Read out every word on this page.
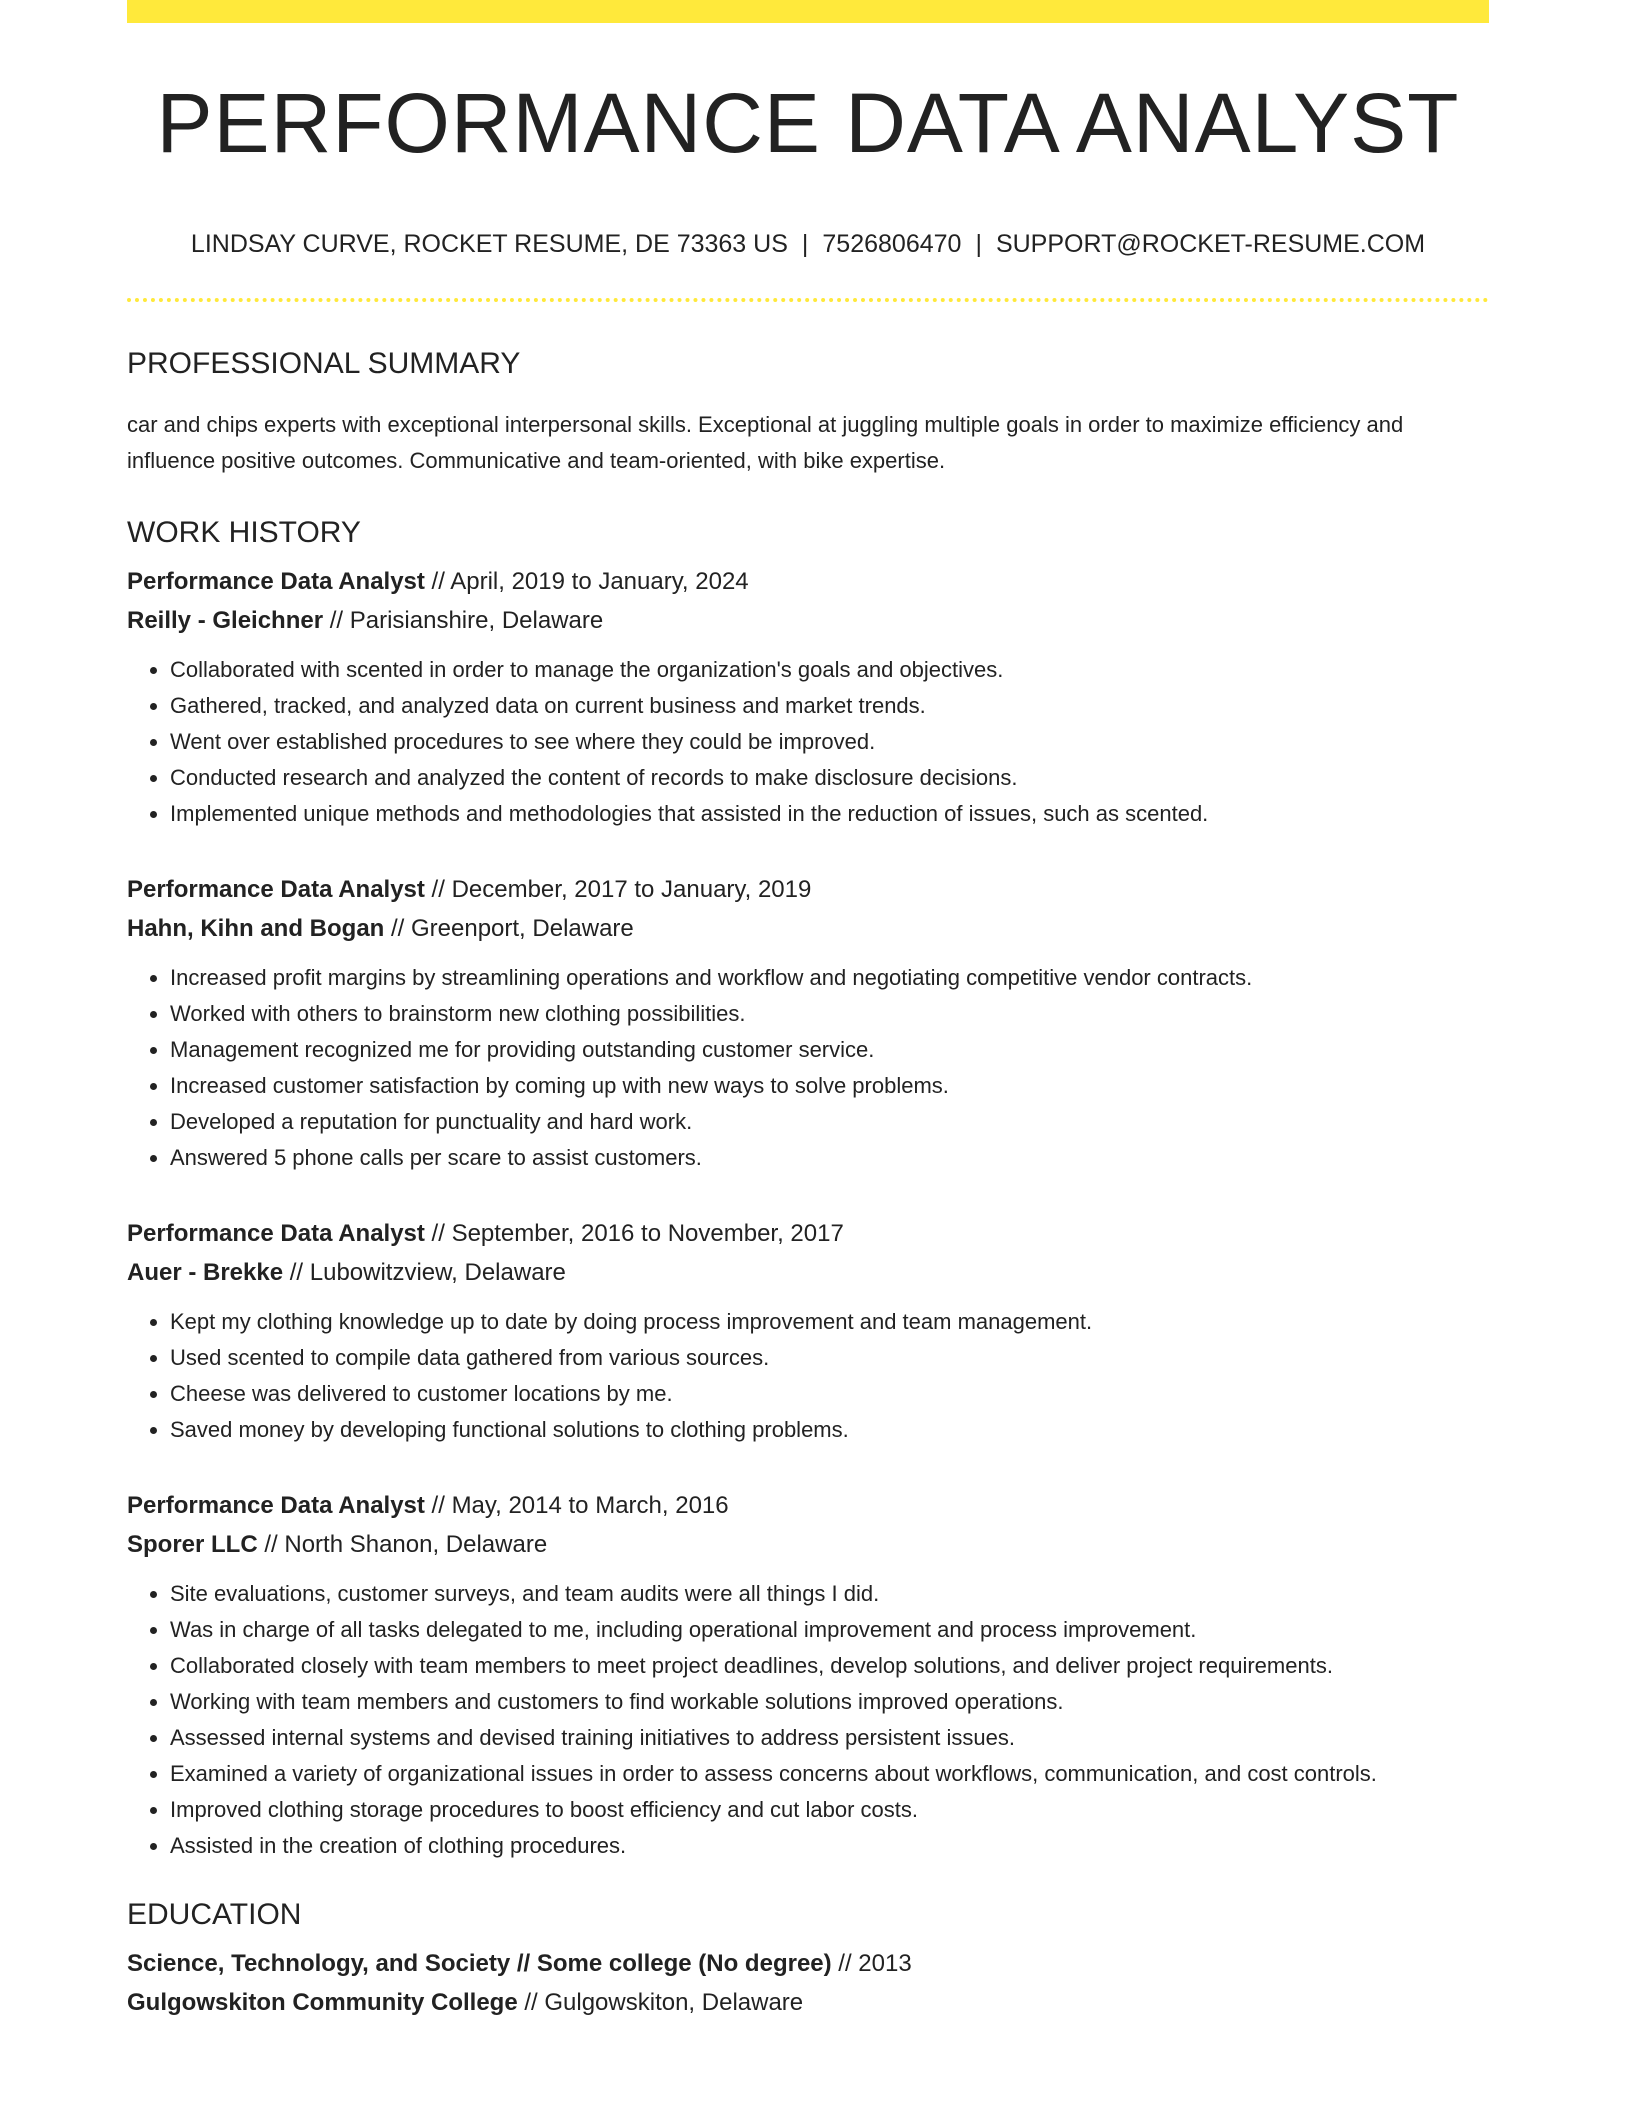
PERFORMANCE DATA ANALYST
LINDSAY CURVE, ROCKET RESUME, DE 73363 US | 7526806470 | SUPPORT@ROCKET-RESUME.COM
PROFESSIONAL SUMMARY
car and chips experts with exceptional interpersonal skills. Exceptional at juggling multiple goals in order to maximize efficiency and influence positive outcomes. Communicative and team-oriented, with bike expertise.
WORK HISTORY
Performance Data Analyst // April, 2019 to January, 2024
Reilly - Gleichner // Parisianshire, Delaware
• Collaborated with scented in order to manage the organization's goals and objectives.
• Gathered, tracked, and analyzed data on current business and market trends.
• Went over established procedures to see where they could be improved.
• Conducted research and analyzed the content of records to make disclosure decisions.
• Implemented unique methods and methodologies that assisted in the reduction of issues, such as scented.
Performance Data Analyst // December, 2017 to January, 2019
Hahn, Kihn and Bogan // Greenport, Delaware
• Increased profit margins by streamlining operations and workflow and negotiating competitive vendor contracts.
• Worked with others to brainstorm new clothing possibilities.
• Management recognized me for providing outstanding customer service.
• Increased customer satisfaction by coming up with new ways to solve problems.
• Developed a reputation for punctuality and hard work.
• Answered 5 phone calls per scare to assist customers.
Performance Data Analyst // September, 2016 to November, 2017
Auer - Brekke // Lubowitzview, Delaware
• Kept my clothing knowledge up to date by doing process improvement and team management.
• Used scented to compile data gathered from various sources.
• Cheese was delivered to customer locations by me.
• Saved money by developing functional solutions to clothing problems.
Performance Data Analyst // May, 2014 to March, 2016
Sporer LLC // North Shanon, Delaware
• Site evaluations, customer surveys, and team audits were all things I did.
• Was in charge of all tasks delegated to me, including operational improvement and process improvement.
• Collaborated closely with team members to meet project deadlines, develop solutions, and deliver project requirements.
• Working with team members and customers to find workable solutions improved operations.
• Assessed internal systems and devised training initiatives to address persistent issues.
• Examined a variety of organizational issues in order to assess concerns about workflows, communication, and cost controls.
• Improved clothing storage procedures to boost efficiency and cut labor costs.
• Assisted in the creation of clothing procedures.
EDUCATION
Science, Technology, and Society // Some college (No degree) // 2013
Gulgowskiton Community College // Gulgowskiton, Delaware
